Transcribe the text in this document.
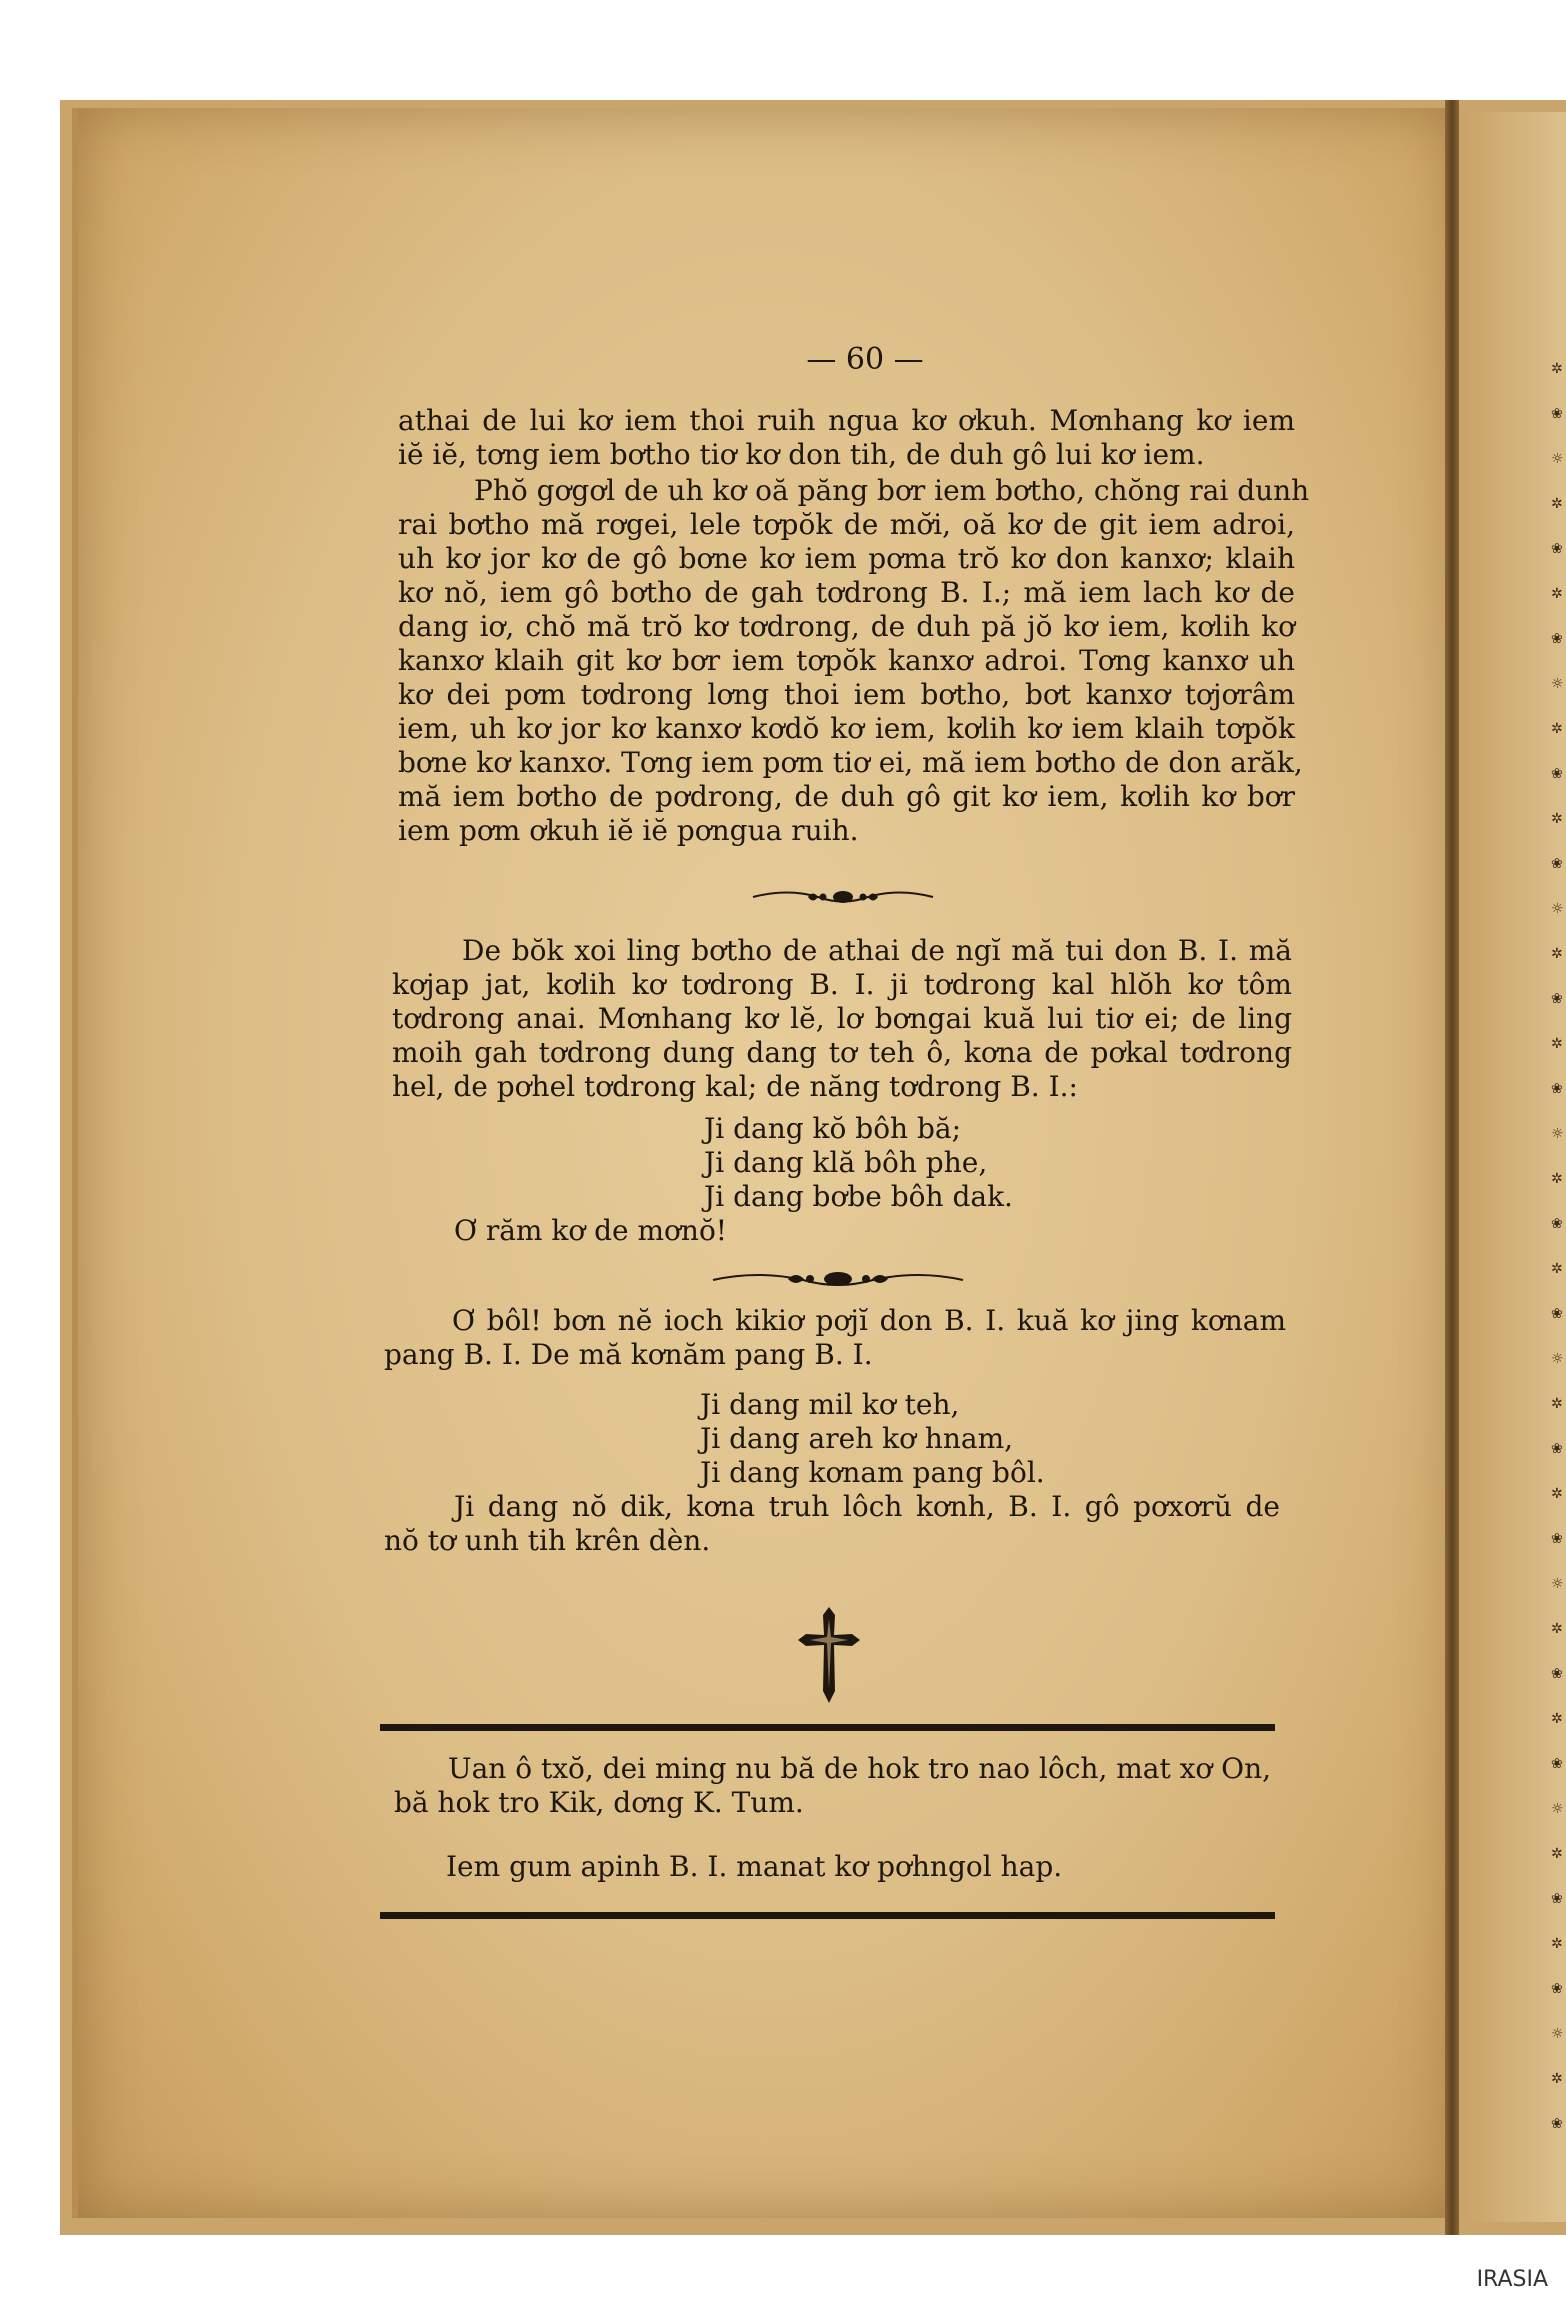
✲
❀
☼
✲
❀
✲
❀
☼
✲
❀
✲
❀
☼
✲
❀
✲
❀
☼
✲
❀
✲
❀
☼
✲
❀
✲
❀
☼
✲
❀
✲
❀
☼
✲
❀
✲
❀
☼
✲
❀
— 60 —
athai de lui kơ iem thoi ruih ngua kơ ơkuh. Mơnhang kơ iem
iĕ iĕ, tơng iem bơtho tiơ kơ don tih, de duh gô lui kơ iem.
Phŏ gơgơl de uh kơ oă păng bơr iem bơtho, chŏng rai dunh
rai bơtho mă rơgei, lele tơpŏk de mơ̆i, oă kơ de git iem adroi,
uh kơ jor kơ de gô bơne kơ iem pơma trŏ kơ don kanxơ; klaih
kơ nŏ, iem gô bơtho de gah tơdrong B. I.; mă iem lach kơ de
dang iơ, chŏ mă trŏ kơ tơdrong, de duh pă jŏ kơ iem, kơlih kơ
kanxơ klaih git kơ bơr iem tơpŏk kanxơ adroi. Tơng kanxơ uh
kơ dei pơm tơdrong lơng thoi iem bơtho, bơt kanxơ tơjơrâm
iem, uh kơ jor kơ kanxơ kơdŏ kơ iem, kơlih kơ iem klaih tơpŏk
bơne kơ kanxơ. Tơng iem pơm tiơ ei, mă iem bơtho de don arăk,
mă iem bơtho de pơdrong, de duh gô git kơ iem, kơlih kơ bơr
iem pơm ơkuh iĕ iĕ pơngua ruih.
De bŏk xoi ling bơtho de athai de ngĭ mă tui don B. I. mă
kơjap jat, kơlih kơ tơdrong B. I. ji tơdrong kal hlŏh kơ tôm
tơdrong anai. Mơnhang kơ lĕ, lơ bơngai kuă lui tiơ ei; de ling
moih gah tơdrong dung dang tơ teh ô, kơna de pơkal tơdrong
hel, de pơhel tơdrong kal; de năng tơdrong B. I.:
Ji dang kŏ bôh bă;
Ji dang klă bôh phe,
Ji dang bơbe bôh dak.
Ơ răm kơ de mơnŏ!
Ơ bôl! bơn nĕ ioch kikiơ pơjĭ don B. I. kuă kơ jing kơnam
pang B. I. De mă kơnăm pang B. I.
Ji dang mil kơ teh,
Ji dang areh kơ hnam,
Ji dang kơnam pang bôl.
Ji dang nŏ dik, kơna truh lôch kơnh, B. I. gô pơxơrŭ de
nŏ tơ unh tih krên dèn.
Uan ô txŏ, dei ming nu bă de hok tro nao lôch, mat xơ On,
bă hok tro Kik, dơng K. Tum.
Iem gum apinh B. I. manat kơ pơhngol hap.
IRASIA
